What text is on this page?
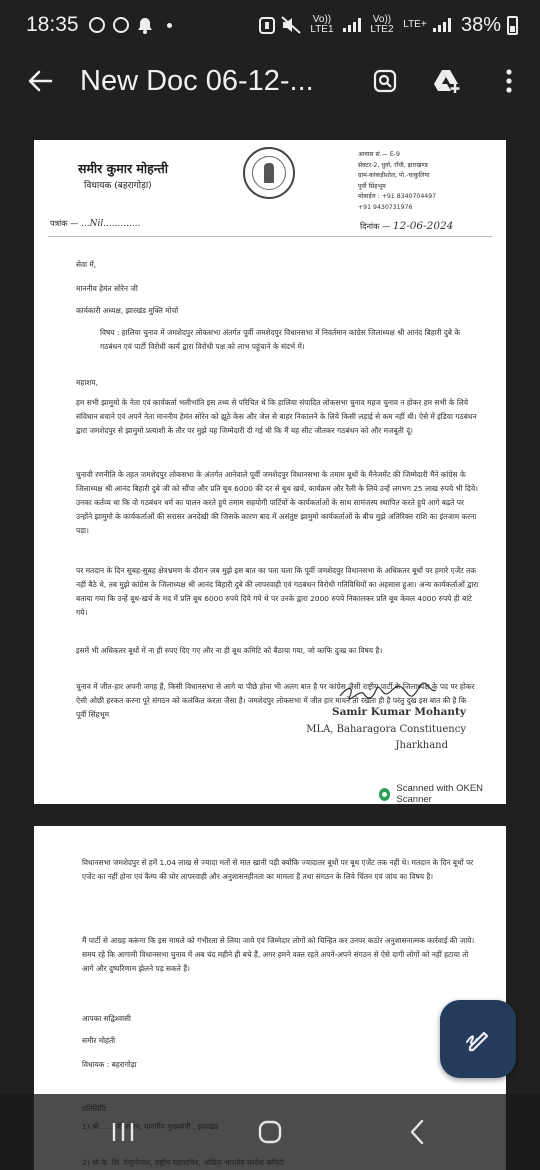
18:35	Vo)) LTE1
Vo)) LTE2 LTE+ 38%
New Doc 06-12-...
समीर कुमार मोहन्ती
विधायक (बहरागोड़ा)
आवास सं.— E-9
सेक्टर-2, धुर्वा, राँची, झारखण्ड
ग्राम-कांकड़ीशोल, पो.-चाकुलिया
पूर्वी सिंहभूम
मोबाईल : +91 8340704497
+91 9430731976
पत्रांक — ...Nil.............	दिनांक — 12-06-2024
सेवा में,
माननीय हेमंत सोरेन जी
कार्यकारी अध्यक्ष, झारखंड मुक्ति मोर्चा
विषय : हालिया चुनाव में जमशेदपुर लोकसभा अंतर्गत पूर्वी जमशेदपुर विधानसभा में निवर्तमान कांग्रेस जिलाध्यक्ष श्री आनंद बिहारी दुबे के गठबंधन एवं पार्टी विरोधी कार्य द्वारा विरोधी पक्ष को लाभ पहुंचाने के संदर्भ में।
महाशय,
हम सभी झामुमो के नेता एवं कार्यकर्ता भलीभांति इस तथ्य से परिचित थे कि हालिया संपादित लोकसभा चुनाव महज चुनाव न होकर हम सभी के लिये संविधान बचाने एवं अपने नेता माननीय हेमंत सोरेन को झूठे केस और जेल से बाहर निकालने के लिये किसी लड़ाई से कम नहीं थी। ऐसे में इंडिया गठबंधन द्वारा जमशेदपुर से झामुमो प्रत्याशी के तौर पर मुझे यह जिम्मेदारी दी गई थी कि मैं यह सीट जीतकर गठबंधन को और मजबूती दूं।
चुनावी रणनीति के तहत जमशेदपुर लोकसभा के अंतर्गत आनेवाले पूर्वी जमशेदपुर विधानसभा के तमाम बूथों के मैनेजमेंट की जिम्मेदारी मैंने कांग्रेस के जिलाध्यक्ष श्री आनंद बिहारी दुबे जी को सौंपा और प्रति बूथ 6000 की दर से बूथ खर्च, कार्यक्रम और रैली के लिये उन्हें लगभग 25 लाख रुपये भी दिये। उनका कर्तव्य था कि वो गठबंधन धर्म का पालन करते हुये तमाम सहयोगी पार्टियों के कार्यकर्ताओं के साथ सामंजस्य स्थापित करते हुये आगे बढ़ते पर उन्होंने झामुमो के कार्यकर्ताओं की सरासर अनदेखी की जिसके कारण बाद में असंतुष्ट झामुमो कार्यकर्ताओं के बीच मुझे अतिरिक्त राशि का इंतजाम करना पड़ा।
पर मतदान के दिन सुबह-सुबह क्षेत्रभ्रमण के दौरान जब मुझे इस बात का पता चला कि पूर्वी जमशेदपुर विधानसभा के अधिकतर बूथों पर हमारे एजेंट तक नहीं बैठे थे, तब मुझे कांग्रेस के जिलाध्यक्ष श्री आनंद बिहारी दुबे की लापरवाही एवं गठबंधन विरोधी गतिविधियों का अहसास हुआ। अन्य कार्यकर्ताओं द्वारा बताया गया कि उन्हें बूथ-खर्च के मद में प्रति बूथ 6000 रुपये दिये गये थे पर उनके द्वारा 2000 रुपये निकालकर प्रति बूथ केवल 4000 रुपये ही बांटे गये।
इसमें भी अधिकतर बूथों में ना ही रुपए दिए गए और ना ही बूथ कमिटि को बैठाया गया, जो काफि दुःख का विषय है।
चुनाव में जीत-हार अपनी जगह हैं, किसी विधानसभा से आगे या पीछे होना भी अलग बात है पर कांग्रेस जैसी राष्ट्रीय पार्टी के जिलाध्यक्ष के पद पर होकर ऐसी ओछी हरकत करना पूरे संगठन को कलंकित करता जैसा है। जमशेदपुर लोकसभा में जीत हार मायने तो रखता ही है परंतु दुख इस बात की है कि पूर्वी सिंहभूम	Samir Kumar Mohanty
MLA, Baharagora Constituency
Jharkhand
Scanned with OKEN Scanner
विधानसभा जमशेदपुर से हमें 1.04 लाख से ज्यादा मतों से मात खानी पड़ी क्योंकि ज्यादातर बूथों पर बूथ एजेंट तक नहीं थे। मतदान के दिन बूथों पर एजेंट का नहीं होना एवं कैम्प की घोर लापरवाही और अनुशासनहीनता का मामला है तथा संगठन के लिये चिंतन एवं जांच का विषय है।
मैं पार्टी से आग्रह करूंगा कि इस मामले को गंभीरता से लिया जाये एवं जिम्मेदार लोगों को चिन्हित कर उनपर कठोर अनुशासनात्मक कार्रवाई की जाये। समय रहे कि आगामी विधानसभा चुनाव में अब चंद महीने ही बचे हैं, अगर हमने वक्त रहते अपने-अपने संगठन से ऐसे दागी लोगों को नहीं हटाया तो आगे और दुष्परिणाम झेलने पड़ सकते हैं।
आपका सद्विश्वासी
समीर मोहंती
विधायक : बहरागोड़ा
